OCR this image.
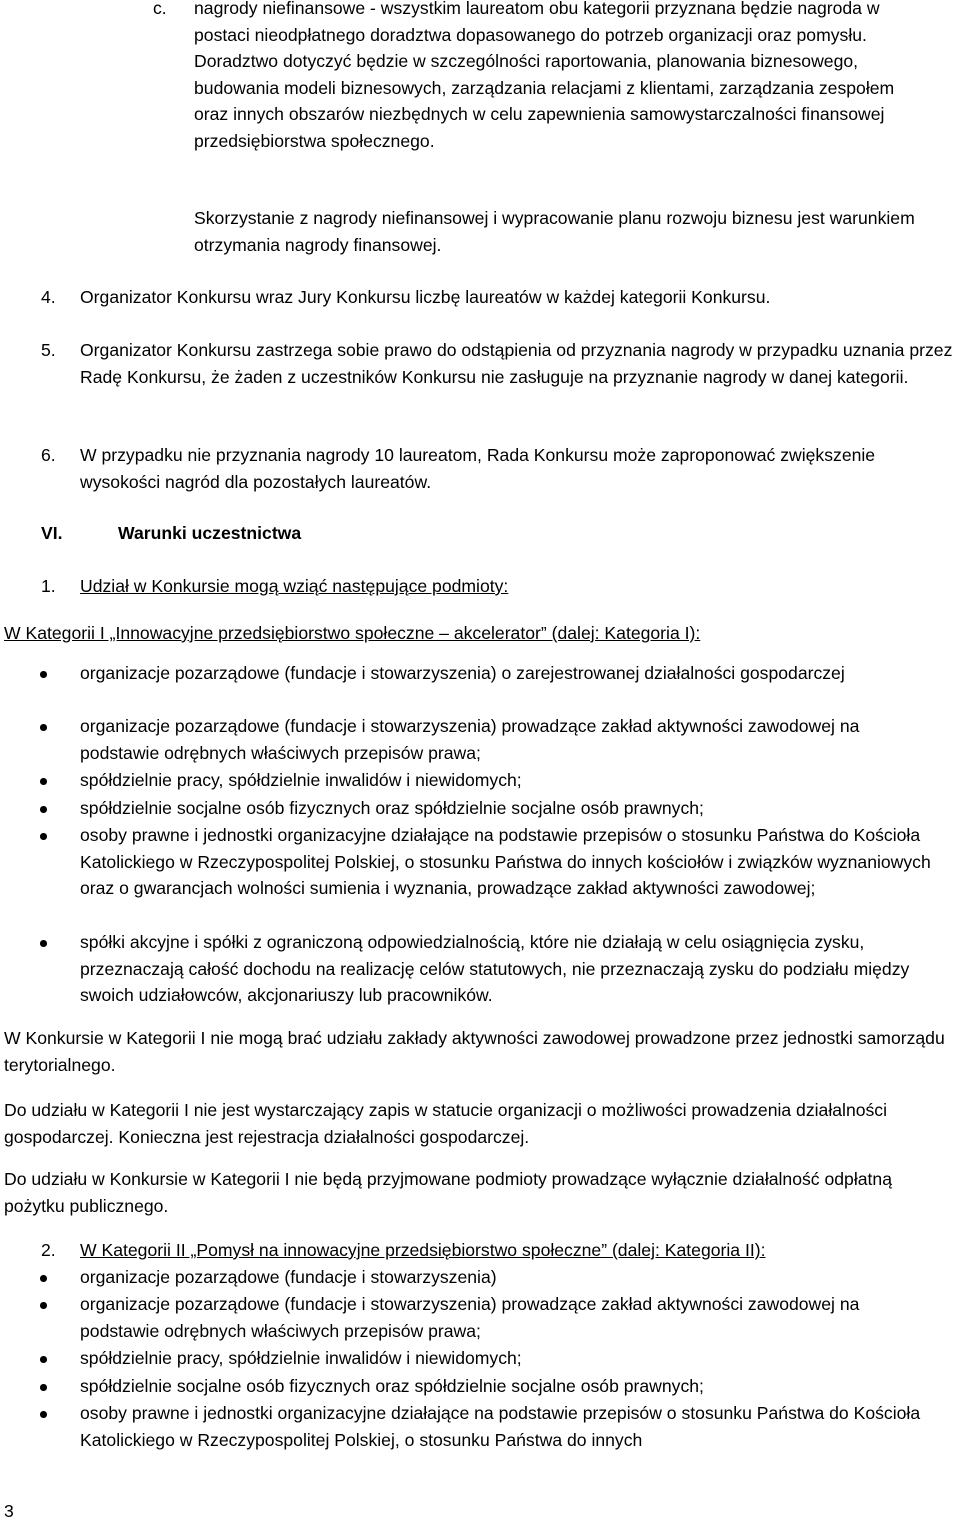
c. nagrody niefinansowe - wszystkim laureatom obu kategorii przyznana będzie nagroda w postaci nieodpłatnego doradztwa dopasowanego do potrzeb organizacji oraz pomysłu. Doradztwo dotyczyć będzie w szczególności raportowania, planowania biznesowego, budowania modeli biznesowych, zarządzania relacjami z klientami, zarządzania zespołem oraz innych obszarów niezbędnych w celu zapewnienia samowystarczalności finansowej przedsiębiorstwa społecznego.

Skorzystanie z nagrody niefinansowej i wypracowanie planu rozwoju biznesu jest warunkiem otrzymania nagrody finansowej.

4. Organizator Konkursu wraz Jury Konkursu liczbę laureatów w każdej kategorii Konkursu.

5. Organizator Konkursu zastrzega sobie prawo do odstąpienia od przyznania nagrody w przypadku uznania przez Radę Konkursu, że żaden z uczestników Konkursu nie zasługuje na przyznanie nagrody w danej kategorii.

6. W przypadku nie przyznania nagrody 10 laureatom, Rada Konkursu może zaproponować zwiększenie wysokości nagród dla pozostałych laureatów.

VI.	Warunki uczestnictwa
1. Udział w Konkursie mogą wziąć następujące podmioty:

W Kategorii I „Innowacyjne przedsiębiorstwo społeczne – akcelerator” (dalej: Kategoria I):

organizacje pozarządowe (fundacje i stowarzyszenia) o zarejestrowanej działalności gospodarczej

organizacje pozarządowe (fundacje i stowarzyszenia) prowadzące zakład aktywności zawodowej na podstawie odrębnych właściwych przepisów prawa;

spółdzielnie pracy, spółdzielnie inwalidów i niewidomych;

spółdzielnie socjalne osób fizycznych oraz spółdzielnie socjalne osób prawnych;

osoby prawne i jednostki organizacyjne działające na podstawie przepisów o stosunku Państwa do Kościoła Katolickiego w Rzeczypospolitej Polskiej, o stosunku Państwa do innych kościołów i związków wyznaniowych oraz o gwarancjach wolności sumienia i wyznania, prowadzące zakład aktywności zawodowej;

spółki akcyjne i spółki z ograniczoną odpowiedzialnością, które nie działają w celu osiągnięcia zysku, przeznaczają całość dochodu na realizację celów statutowych, nie przeznaczają zysku do podziału między swoich udziałowców, akcjonariuszy lub pracowników.

W Konkursie w Kategorii I nie mogą brać udziału zakłady aktywności zawodowej prowadzone przez jednostki samorządu terytorialnego.

Do udziału w Kategorii I nie jest wystarczający zapis w statucie organizacji o możliwości prowadzenia działalności gospodarczej. Konieczna jest rejestracja działalności gospodarczej.

Do udziału w Konkursie w Kategorii I nie będą przyjmowane podmioty prowadzące wyłącznie działalność odpłatną pożytku publicznego.

2. W Kategorii II „Pomysł na innowacyjne przedsiębiorstwo społeczne” (dalej: Kategoria II):

organizacje pozarządowe (fundacje i stowarzyszenia)

organizacje pozarządowe (fundacje i stowarzyszenia) prowadzące zakład aktywności zawodowej na podstawie odrębnych właściwych przepisów prawa;

spółdzielnie pracy, spółdzielnie inwalidów i niewidomych;

spółdzielnie socjalne osób fizycznych oraz spółdzielnie socjalne osób prawnych;

osoby prawne i jednostki organizacyjne działające na podstawie przepisów o stosunku Państwa do Kościoła Katolickiego w Rzeczypospolitej Polskiej, o stosunku Państwa do innych

3
